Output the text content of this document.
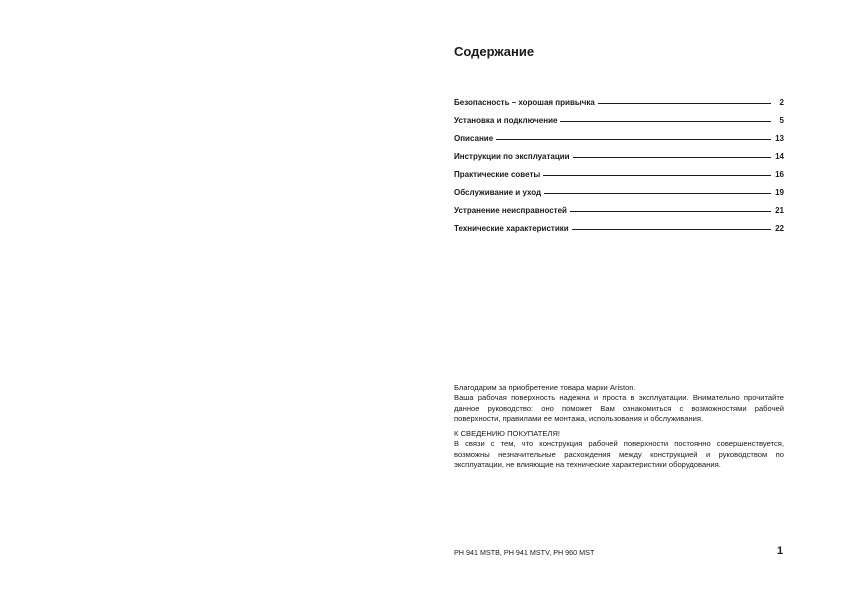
Содержание
Безопасность – хорошая привычка	2
Установка и подключение	5
Описание	13
Инструкции по эксплуатации	14
Практические советы	16
Обслуживание и уход	19
Устранение неисправностей	21
Технические характеристики	22

Благодарим за приобретение товара марки Ariston.

Ваша рабочая поверхность надежна и проста в эксплуатации. Внимательно прочитайте данное руководство: оно поможет Вам ознакомиться с возможностями рабочей поверхности, правилами ее монтажа, использования и обслуживания.

К СВЕДЕНИЮ ПОКУПАТЕЛЯ!

В связи с тем, что конструкция рабочей поверхности постоянно совершенствуется, возможны незначительные расхождения между конструкцией и руководством по эксплуатации, не влияющие на технические характеристики оборудования.

PH 941 MSTB, PH 941 MSTV, PH 960 MST	1
